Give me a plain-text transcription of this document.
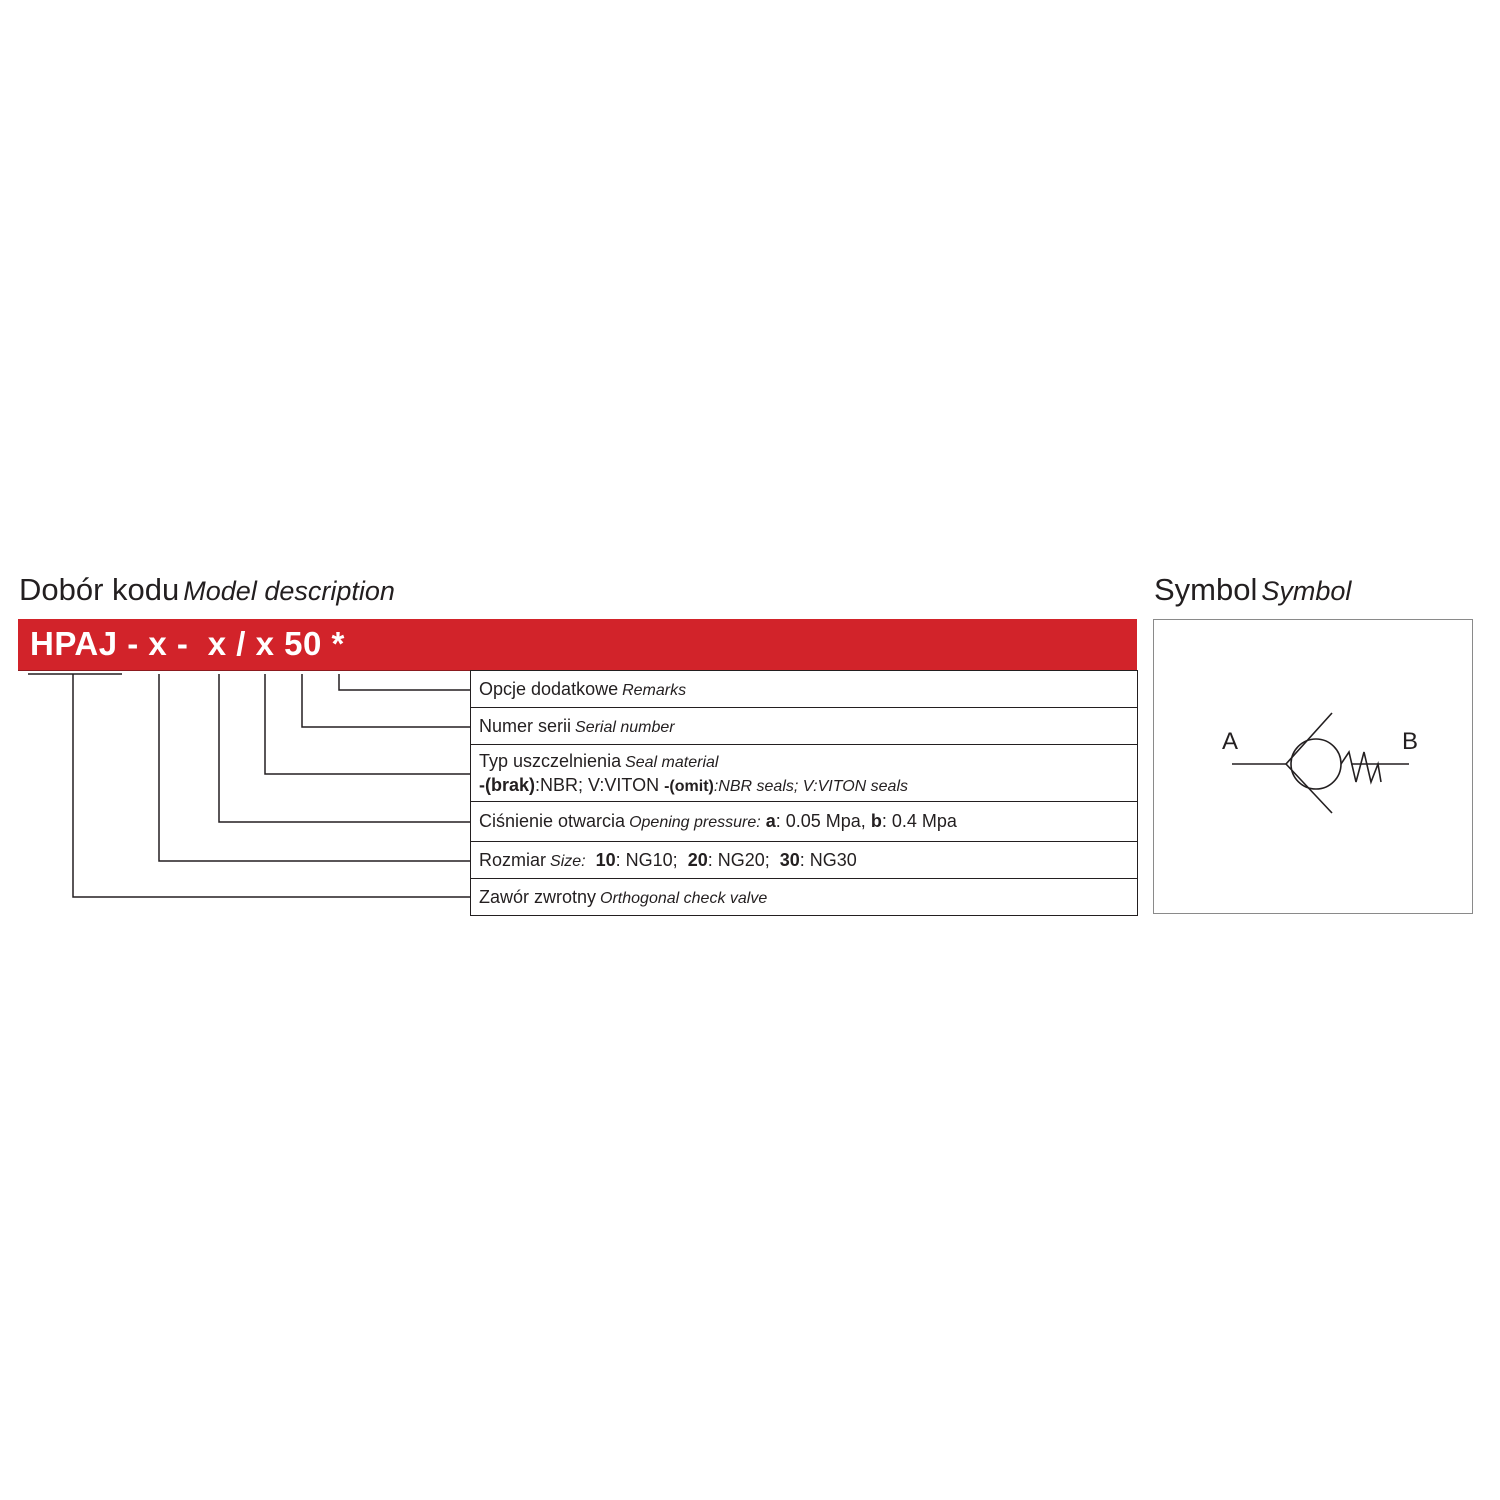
Dobór kodu Model description	Symbol Symbol
HPAJ - x -  x / x 50 *
Opcje dodatkowe Remarks
Numer serii Serial number
Typ uszczelnienia Seal material
-(brak):NBR; V:VITON -(omit):NBR seals; V:VITON seals
Ciśnienie otwarcia Opening pressure: a: 0.05 Mpa, b: 0.4 Mpa
Rozmiar Size: 10: NG10; 20: NG20; 30: NG30
Zawór zwrotny Orthogonal check valve
A	B
